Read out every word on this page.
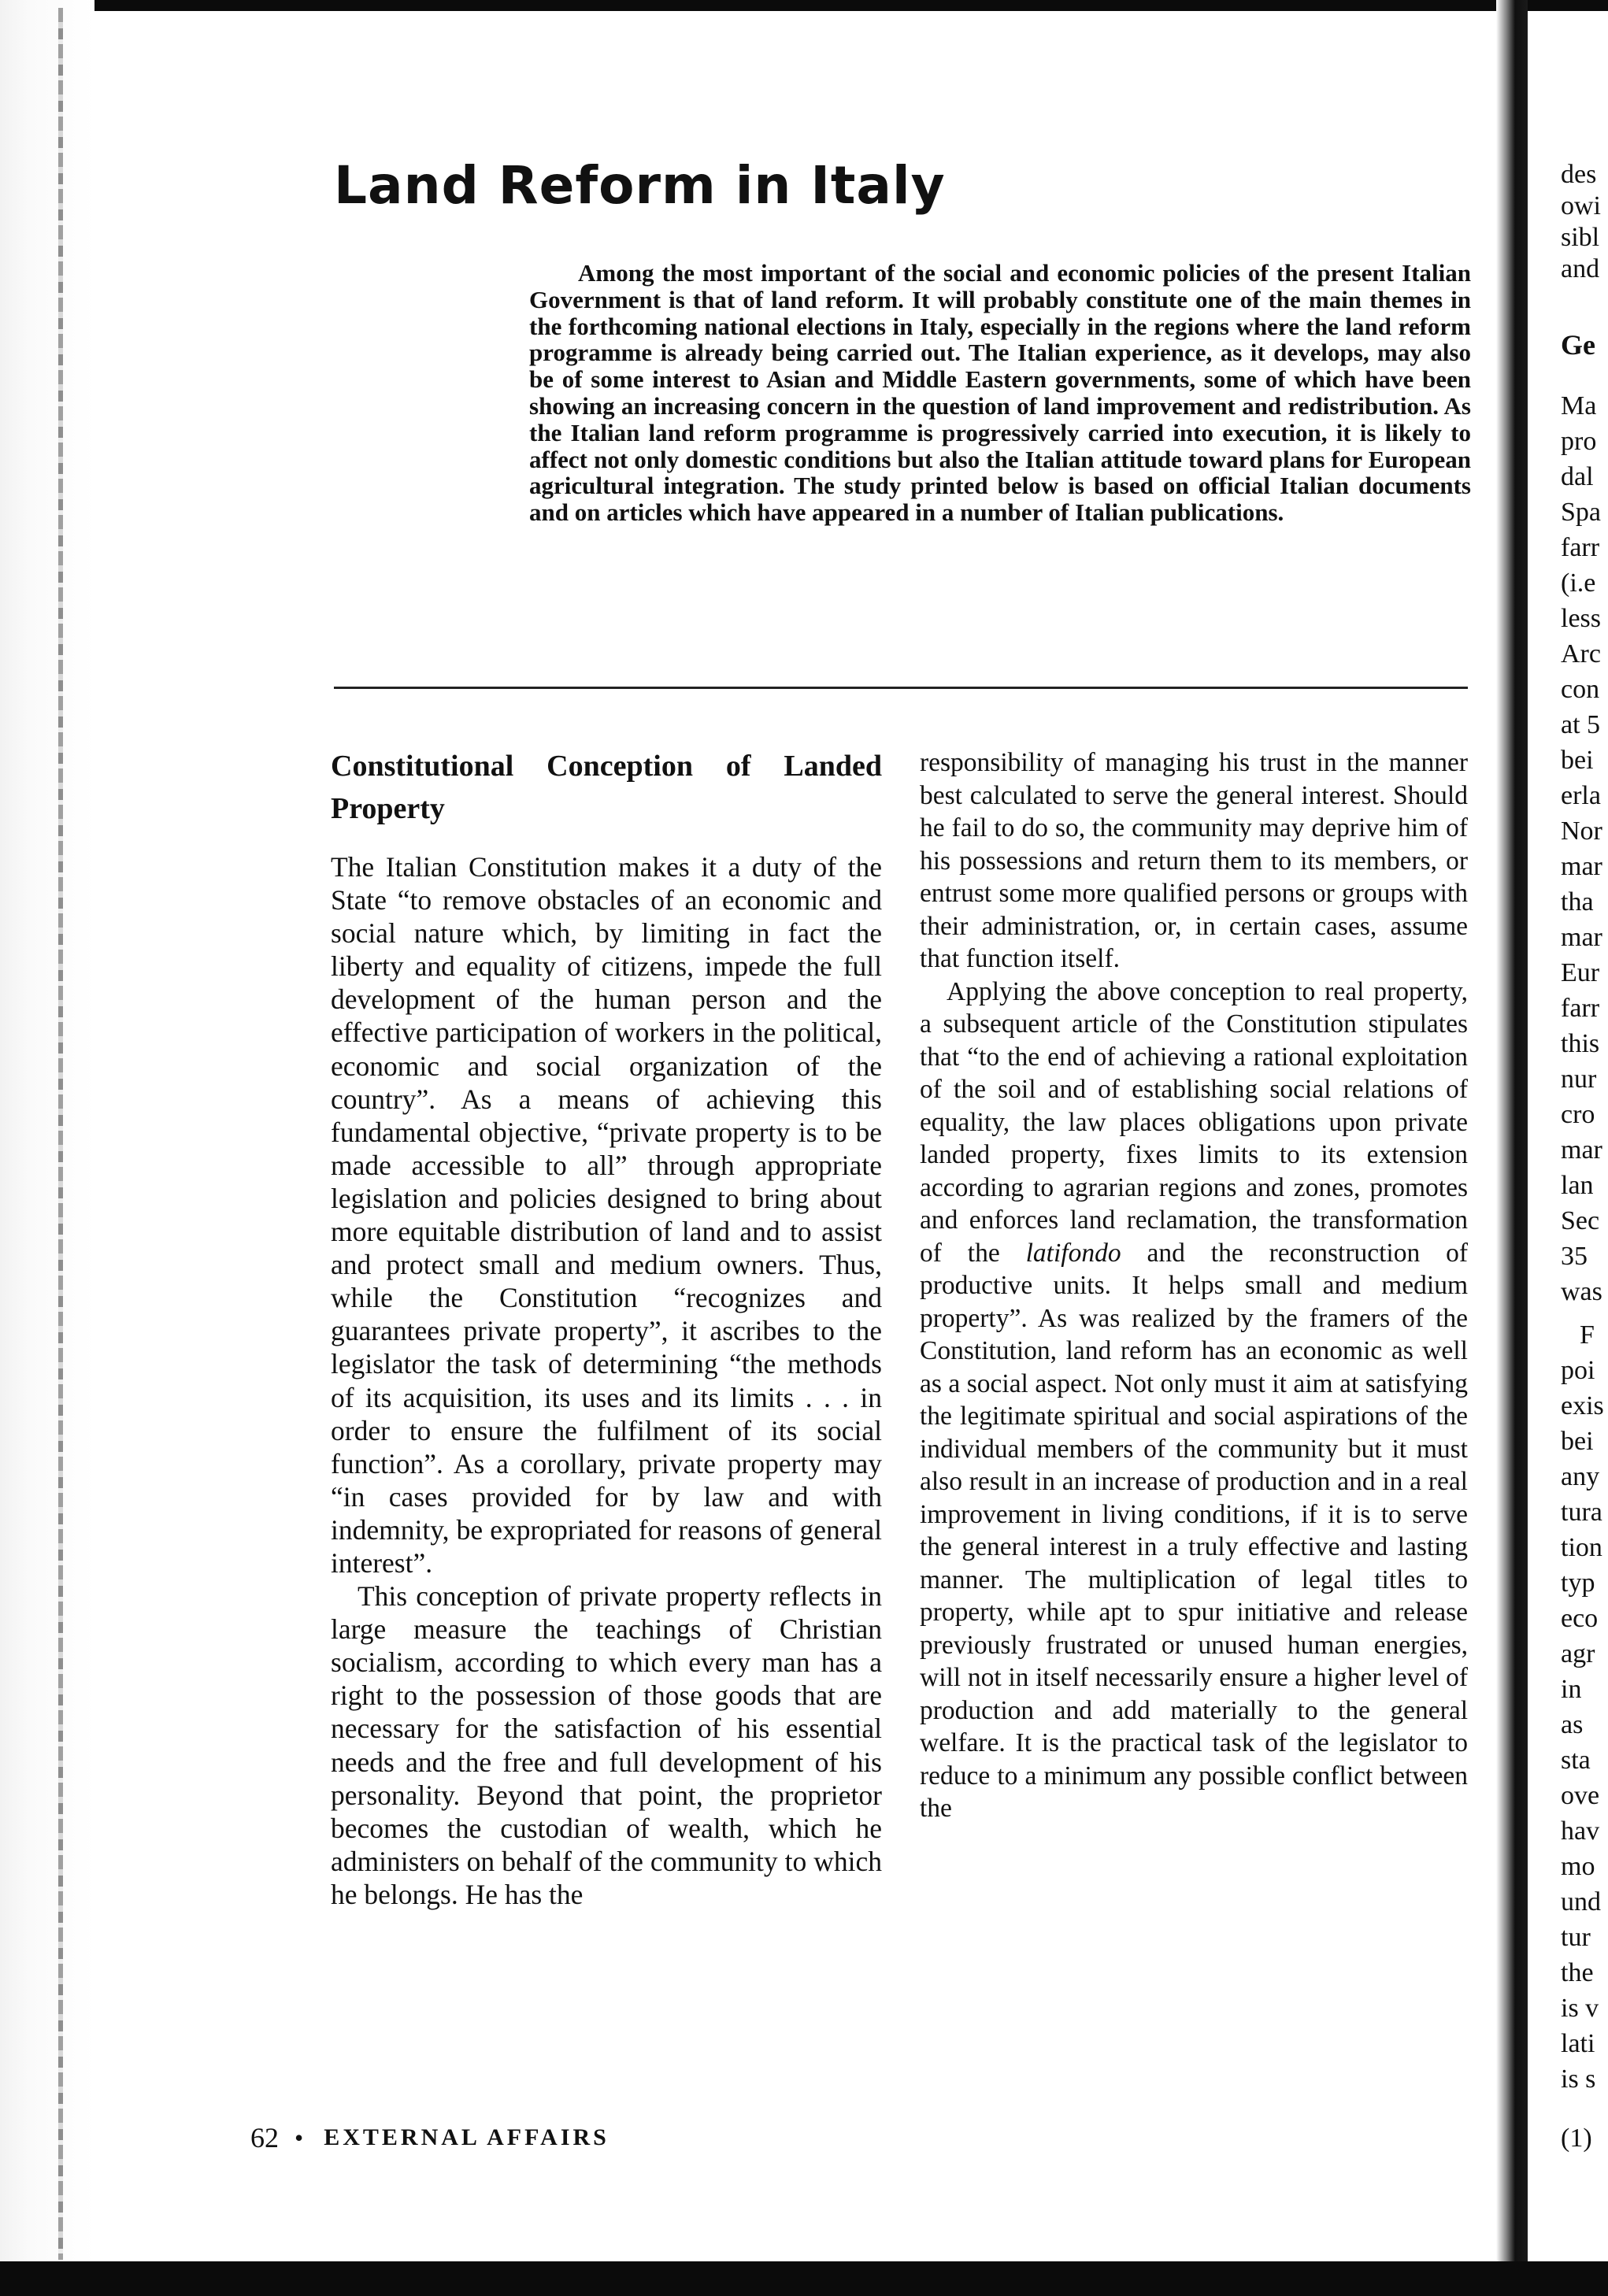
des
owi
sibl
and
Ge
Ma
pro
dal
Spa
farr
(i.e
less
Arc
con
at 5
bei
erla
Nor
mar
tha
mar
Eur
farr
this
nur
cro
mar
lan
Sec
35
was
F
poi
exis
bei
any
tura
tion
typ
eco
agr
in
as
sta
ove
hav
mo
und
tur
the
is v
lati
is s
(1)
Land Reform in Italy

Among the most important of the social and economic policies of the present Italian Government is that of land reform. It will probably constitute one of the main themes in the forthcoming national elections in Italy, especially in the regions where the land reform programme is already being carried out. The Italian experience, as it develops, may also be of some interest to Asian and Middle Eastern governments, some of which have been showing an increasing concern in the question of land improvement and redistribution. As the Italian land reform programme is progressively carried into execution, it is likely to affect not only domestic conditions but also the Italian attitude toward plans for European agricultural integration. The study printed below is based on official Italian documents and on articles which have appeared in a number of Italian publications.

Constitutional Conception of Landed Property

The Italian Constitution makes it a duty of the State “to remove obstacles of an economic and social nature which, by limiting in fact the liberty and equality of citizens, impede the full development of the human person and the effective participation of workers in the political, economic and social organization of the country”. As a means of achieving this fundamental objective, “private property is to be made accessible to all” through appropriate legislation and policies designed to bring about more equitable distribution of land and to assist and protect small and medium owners. Thus, while the Constitution “recognizes and guarantees private property”, it ascribes to the legislator the task of determining “the methods of its acquisition, its uses and its limits . . . in order to ensure the fulfilment of its social function”. As a corollary, private property may “in cases provided for by law and with indemnity, be expropriated for reasons of general interest”.

This conception of private property reflects in large measure the teachings of Christian socialism, according to which every man has a right to the possession of those goods that are necessary for the satisfaction of his essential needs and the free and full development of his personality. Beyond that point, the proprietor becomes the custodian of wealth, which he administers on behalf of the community to which he belongs. He has the

responsibility of managing his trust in the manner best calculated to serve the general interest. Should he fail to do so, the community may deprive him of his possessions and return them to its members, or entrust some more qualified persons or groups with their administration, or, in certain cases, assume that function itself.

Applying the above conception to real property, a subsequent article of the Constitution stipulates that “to the end of achieving a rational exploitation of the soil and of establishing social relations of equality, the law places obligations upon private landed property, fixes limits to its extension according to agrarian regions and zones, promotes and enforces land reclamation, the transformation of the latifondo and the reconstruction of productive units. It helps small and medium property”. As was realized by the framers of the Constitution, land reform has an economic as well as a social aspect. Not only must it aim at satisfying the legitimate spiritual and social aspirations of the individual members of the community but it must also result in an increase of production and in a real improvement in living conditions, if it is to serve the general interest in a truly effective and lasting manner. The multiplication of legal titles to property, while apt to spur initiative and release previously frustrated or unused human energies, will not in itself necessarily ensure a higher level of production and add materially to the general welfare. It is the practical task of the legislator to reduce to a minimum any possible conflict between the

62 • EXTERNAL AFFAIRS
